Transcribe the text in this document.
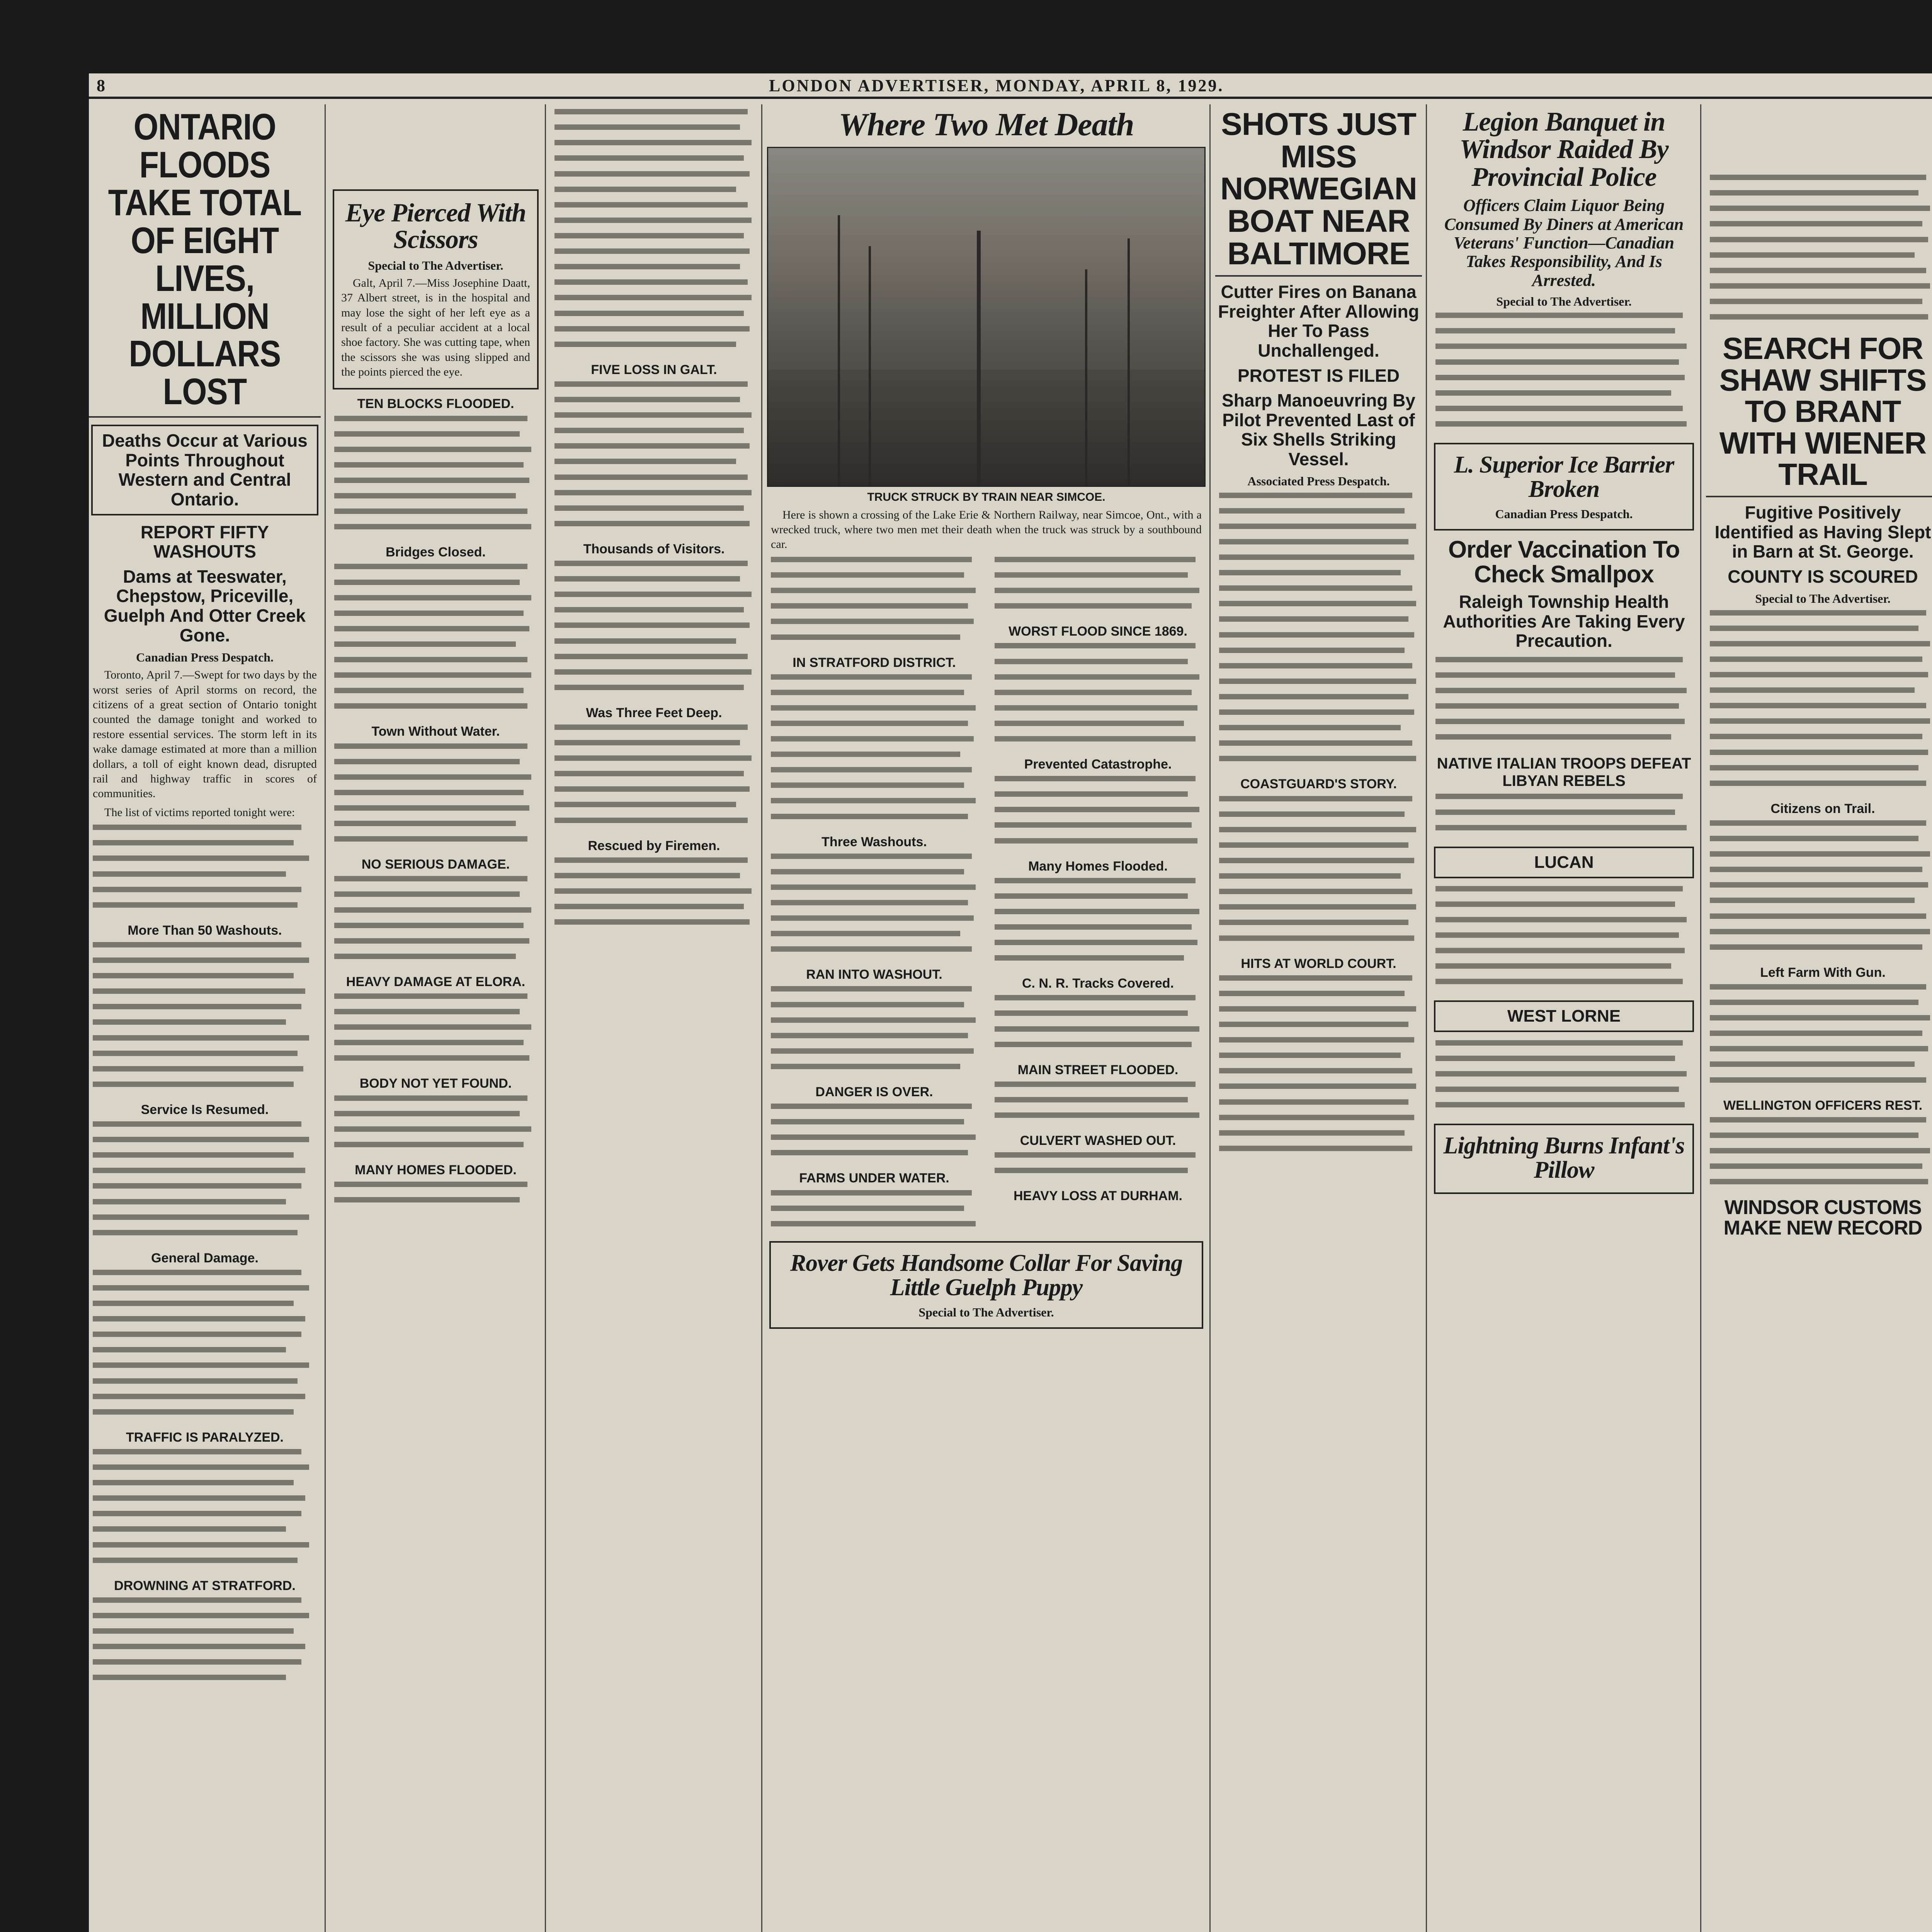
8	LONDON ADVERTISER, MONDAY, APRIL 8, 1929.
ONTARIO FLOODS TAKE TOTAL OF EIGHT LIVES, MILLION DOLLARS LOST
Deaths Occur at Various Points Throughout Western and Central Ontario.
REPORT FIFTY WASHOUTS
Dams at Teeswater, Chepstow, Priceville, Guelph And Otter Creek Gone.
Canadian Press Despatch.

Toronto, April 7.—Swept for two days by the worst series of April storms on record, the citizens of a great section of Ontario tonight counted the damage tonight and worked to restore essential services. The storm left in its wake damage estimated at more than a million dollars, a toll of eight known dead, disrupted rail and highway traffic in scores of communities.

The list of victims reported tonight were:

More Than 50 Washouts.
Service Is Resumed.
General Damage.
TRAFFIC IS PARALYZED.
DROWNING AT STRATFORD.
Eye Pierced With Scissors
Special to The Advertiser.

Galt, April 7.—Miss Josephine Daatt, 37 Albert street, is in the hospital and may lose the sight of her left eye as a result of a peculiar accident at a local shoe factory. She was cutting tape, when the scissors she was using slipped and the points pierced the eye.

TEN BLOCKS FLOODED.
Bridges Closed.
Town Without Water.
NO SERIOUS DAMAGE.
HEAVY DAMAGE AT ELORA.
BODY NOT YET FOUND.
MANY HOMES FLOODED.
FIVE LOSS IN GALT.
Thousands of Visitors.
Was Three Feet Deep.
Rescued by Firemen.
Where Two Met Death
TRUCK STRUCK BY TRAIN NEAR SIMCOE.

Here is shown a crossing of the Lake Erie & Northern Railway, near Simcoe, Ont., with a wrecked truck, where two men met their death when the truck was struck by a southbound car.

IN STRATFORD DISTRICT.
Three Washouts.
RAN INTO WASHOUT.
DANGER IS OVER.
FARMS UNDER WATER.
WORST FLOOD SINCE 1869.
Prevented Catastrophe.
Many Homes Flooded.
C. N. R. Tracks Covered.
MAIN STREET FLOODED.
CULVERT WASHED OUT.
HEAVY LOSS AT DURHAM.
Rover Gets Handsome Collar For Saving Little Guelph Puppy
Special to The Advertiser.
SHOTS JUST MISS NORWEGIAN BOAT NEAR BALTIMORE
Cutter Fires on Banana Freighter After Allowing Her To Pass Unchallenged.
PROTEST IS FILED
Sharp Manoeuvring By Pilot Prevented Last of Six Shells Striking Vessel.
Associated Press Despatch.
COASTGUARD'S STORY.
HITS AT WORLD COURT.
Legion Banquet in Windsor Raided By Provincial Police
Officers Claim Liquor Being Consumed By Diners at American Veterans' Function—Canadian Takes Responsibility, And Is Arrested.
Special to The Advertiser.
L. Superior Ice Barrier Broken
Canadian Press Despatch.
Order Vaccination To Check Smallpox
Raleigh Township Health Authorities Are Taking Every Precaution.
NATIVE ITALIAN TROOPS DEFEAT LIBYAN REBELS
LUCAN
WEST LORNE
Lightning Burns Infant's Pillow
SEARCH FOR SHAW SHIFTS TO BRANT WITH WIENER TRAIL
Fugitive Positively Identified as Having Slept in Barn at St. George.
COUNTY IS SCOURED
Special to The Advertiser.
Citizens on Trail.
Left Farm With Gun.
WELLINGTON OFFICERS REST.
WINDSOR CUSTOMS MAKE NEW RECORD
